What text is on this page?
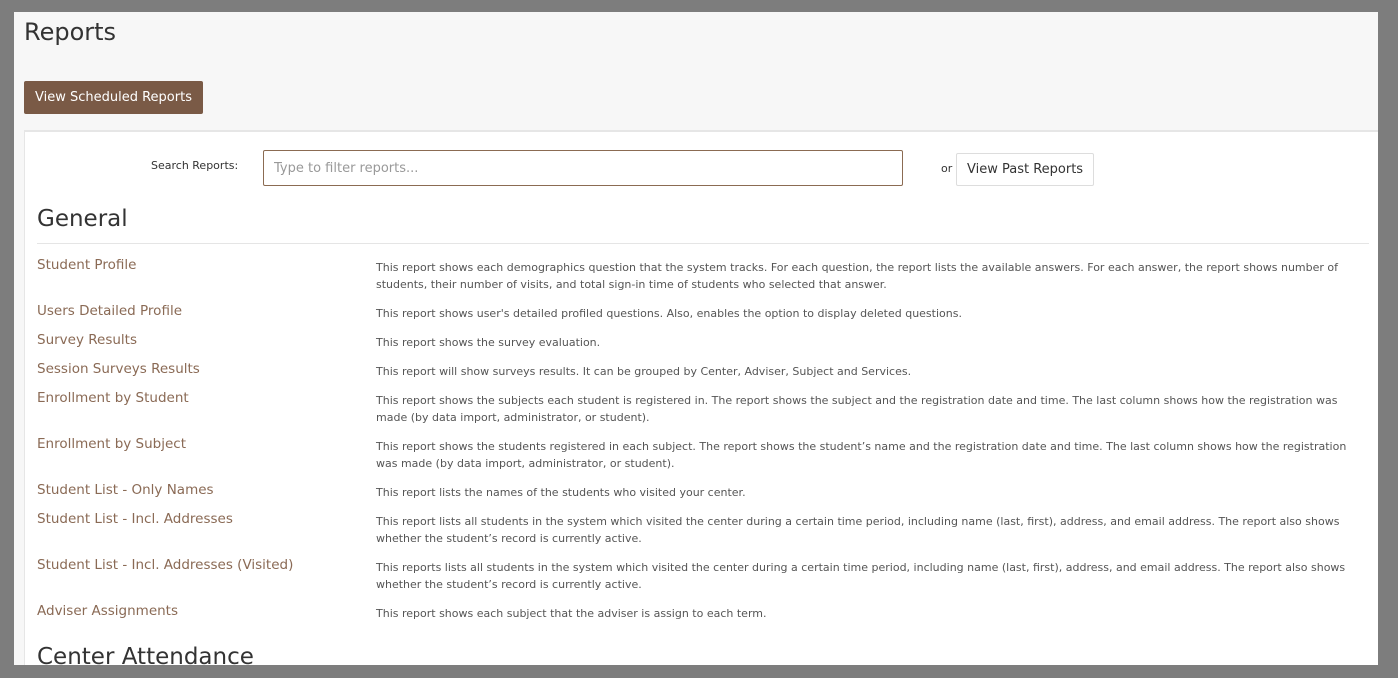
Reports
View Scheduled Reports
Search Reports:
Type to filter reports...	or	View Past Reports
General
Student Profile	This report shows each demographics question that the system tracks. For each question, the report lists the available answers. For each answer, the report shows number of students, their number of visits, and total sign-in time of students who selected that answer.
Users Detailed Profile	This report shows user's detailed profiled questions. Also, enables the option to display deleted questions.
Survey Results	This report shows the survey evaluation.
Session Surveys Results	This report will show surveys results. It can be grouped by Center, Adviser, Subject and Services.
Enrollment by Student	This report shows the subjects each student is registered in. The report shows the subject and the registration date and time. The last column shows how the registration was made (by data import, administrator, or student).
Enrollment by Subject	This report shows the students registered in each subject. The report shows the student’s name and the registration date and time. The last column shows how the registration was made (by data import, administrator, or student).
Student List - Only Names	This report lists the names of the students who visited your center.
Student List - Incl. Addresses	This report lists all students in the system which visited the center during a certain time period, including name (last, first), address, and email address. The report also shows whether the student’s record is currently active.
Student List - Incl. Addresses (Visited)	This reports lists all students in the system which visited the center during a certain time period, including name (last, first), address, and email address. The report also shows whether the student’s record is currently active.
Adviser Assignments	This report shows each subject that the adviser is assign to each term.
Center Attendance
